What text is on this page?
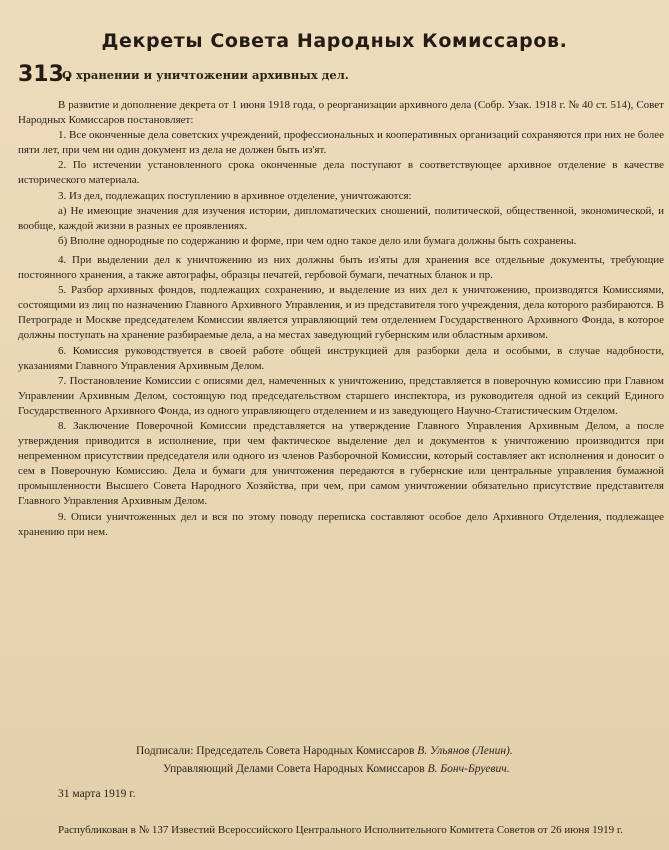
Декреты Совета Народных Комиссаров.
313.
О хранении и уничтожении архивных дел.

В развитие и дополнение декрета от 1 июня 1918 года, о реорганизации архивного дела (Собр. Узак. 1918 г. № 40 ст. 514), Совет Народных Комиссаров постановляет:

1. Все оконченные дела советских учреждений, профессиональных и кооперативных организаций сохраняются при них не более пяти лет, при чем ни один документ из дела не должен быть из'ят.

2. По истечении установленного срока оконченные дела поступают в соответствующее архивное отделение в качестве исторического материала.

3. Из дел, подлежащих поступлению в архивное отделение, уничтожаются:

а) Не имеющие значения для изучения истории, дипломатических сношений, политической, общественной, экономической, и вообще, каждой жизни в разных ее проявлениях.

б) Вполне однородные по содержанию и форме, при чем одно такое дело или бумага должны быть сохранены.

4. При выделении дел к уничтожению из них должны быть из'яты для хранения все отдельные документы, требующие постоянного хранения, а также автографы, образцы печатей, гербовой бумаги, печатных бланок и пр.

5. Разбор архивных фондов, подлежащих сохранению, и выделение из них дел к уничтожению, производятся Комиссиями, состоящими из лиц по назначению Главного Архивного Управления, и из представителя того учреждения, дела которого разбираются. В Петрограде и Москве председателем Комиссии является управляющий тем отделением Государственного Архивного Фонда, в которое должны поступать на хранение разбираемые дела, а на местах заведующий губернским или областным архивом.

6. Комиссия руководствуется в своей работе общей инструкцией для разборки дела и особыми, в случае надобности, указаниями Главного Управления Архивным Делом.

7. Постановление Комиссии с описями дел, намеченных к уничтожению, представляется в поверочную комиссию при Главном Управлении Архивным Делом, состоящую под председательством старшего инспектора, из руководителя одной из секций Единого Государственного Архивного Фонда, из одного управляющего отделением и из заведующего Научно-Статистическим Отделом.

8. Заключение Поверочной Комиссии представляется на утверждение Главного Управления Архивным Делом, а после утверждения приводится в исполнение, при чем фактическое выделение дел и документов к уничтожению производится при непременном присутствии председателя или одного из членов Разборочной Комиссии, который составляет акт исполнения и доносит о сем в Поверочную Комиссию. Дела и бумаги для уничтожения передаются в губернские или центральные управления бумажной промышленности Высшего Совета Народного Хозяйства, при чем, при самом уничтожении обязательно присутствие представителя Главного Управления Архивным Делом.

9. Описи уничтоженных дел и вся по этому поводу переписка составляют особое дело Архивного Отделения, подлежащее хранению при нем.

Подписали: Председатель Совета Народных Комиссаров В. Ульянов (Ленин).
Управляющий Делами Совета Народных Комиссаров В. Бонч-Бруевич.
31 марта 1919 г.

Распубликован в № 137 Известий Всероссийского Центрального Исполнительного Комитета Советов от 26 июня 1919 г.
